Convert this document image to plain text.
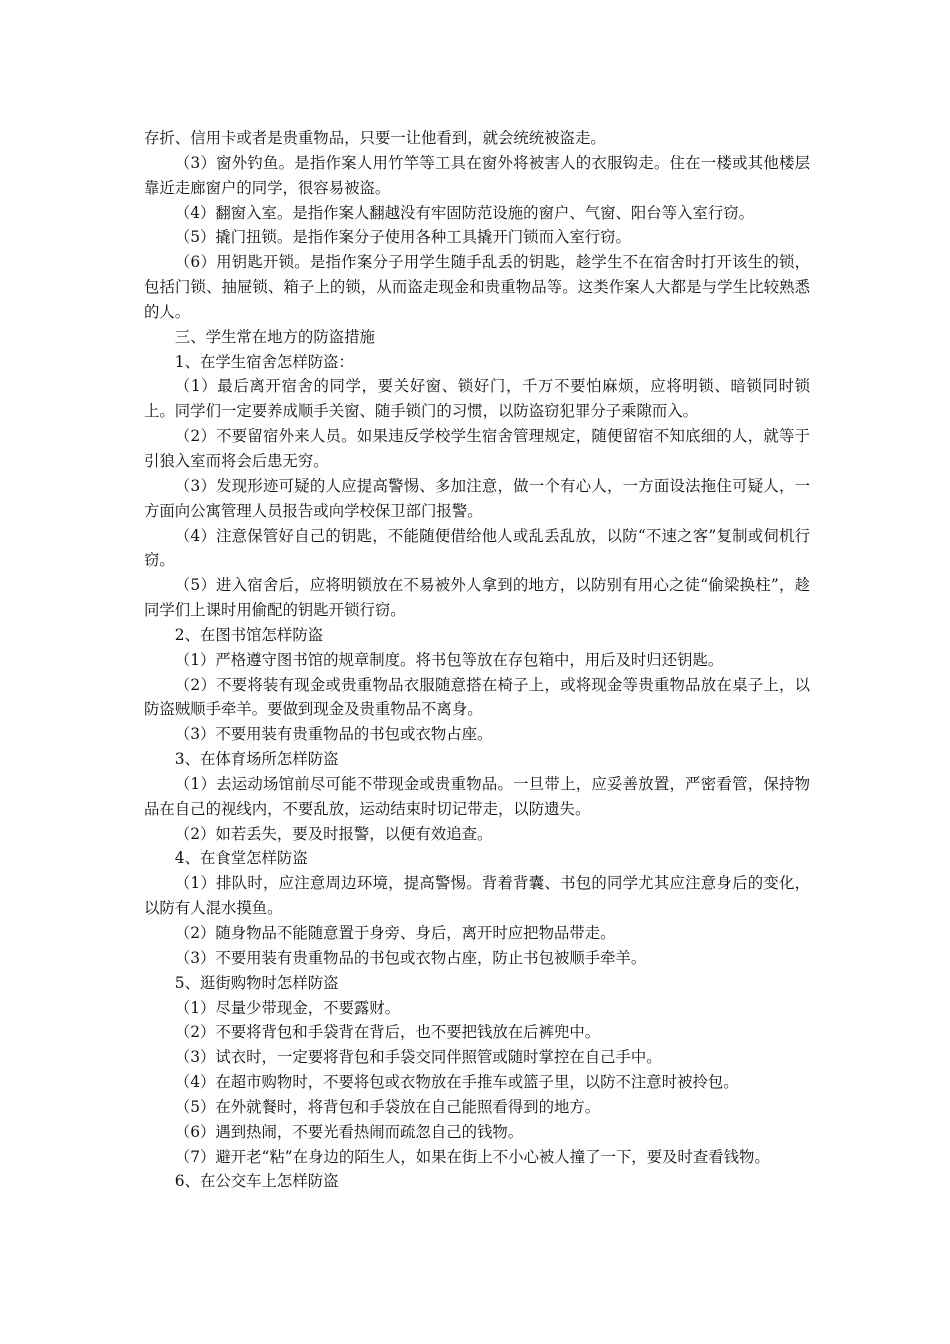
存折、信用卡或者是贵重物品，只要一让他看到，就会统统被盗走。

（3）窗外钓鱼。是指作案人用竹竿等工具在窗外将被害人的衣服钩走。住在一楼或其他楼层靠近走廊窗户的同学，很容易被盗。

（4）翻窗入室。是指作案人翻越没有牢固防范设施的窗户、气窗、阳台等入室行窃。

（5）撬门扭锁。是指作案分子使用各种工具撬开门锁而入室行窃。

（6）用钥匙开锁。是指作案分子用学生随手乱丢的钥匙，趁学生不在宿舍时打开该生的锁，包括门锁、抽屉锁、箱子上的锁，从而盗走现金和贵重物品等。这类作案人大都是与学生比较熟悉的人。

三、学生常在地方的防盗措施

1、在学生宿舍怎样防盗：

（1）最后离开宿舍的同学，要关好窗、锁好门，千万不要怕麻烦，应将明锁、暗锁同时锁上。同学们一定要养成顺手关窗、随手锁门的习惯，以防盗窃犯罪分子乘隙而入。

（2）不要留宿外来人员。如果违反学校学生宿舍管理规定，随便留宿不知底细的人，就等于引狼入室而将会后患无穷。

（3）发现形迹可疑的人应提高警惕、多加注意，做一个有心人，一方面设法拖住可疑人，一方面向公寓管理人员报告或向学校保卫部门报警。

（4）注意保管好自己的钥匙，不能随便借给他人或乱丢乱放，以防“不速之客”复制或伺机行窃。

（5）进入宿舍后，应将明锁放在不易被外人拿到的地方，以防别有用心之徒“偷梁换柱”，趁同学们上课时用偷配的钥匙开锁行窃。

2、在图书馆怎样防盗

（1）严格遵守图书馆的规章制度。将书包等放在存包箱中，用后及时归还钥匙。

（2）不要将装有现金或贵重物品衣服随意搭在椅子上，或将现金等贵重物品放在桌子上，以防盗贼顺手牵羊。要做到现金及贵重物品不离身。

（3）不要用装有贵重物品的书包或衣物占座。

3、在体育场所怎样防盗

（1）去运动场馆前尽可能不带现金或贵重物品。一旦带上，应妥善放置，严密看管，保持物品在自己的视线内，不要乱放，运动结束时切记带走，以防遗失。

（2）如若丢失，要及时报警，以便有效追查。

4、在食堂怎样防盗

（1）排队时，应注意周边环境，提高警惕。背着背囊、书包的同学尤其应注意身后的变化，以防有人混水摸鱼。

（2）随身物品不能随意置于身旁、身后，离开时应把物品带走。

（3）不要用装有贵重物品的书包或衣物占座，防止书包被顺手牵羊。

5、逛街购物时怎样防盗

（1）尽量少带现金，不要露财。

（2）不要将背包和手袋背在背后，也不要把钱放在后裤兜中。

（3）试衣时，一定要将背包和手袋交同伴照管或随时掌控在自己手中。

（4）在超市购物时，不要将包或衣物放在手推车或篮子里，以防不注意时被拎包。

（5）在外就餐时，将背包和手袋放在自己能照看得到的地方。

（6）遇到热闹，不要光看热闹而疏忽自己的钱物。

（7）避开老“粘”在身边的陌生人，如果在街上不小心被人撞了一下，要及时查看钱物。

6、在公交车上怎样防盗
